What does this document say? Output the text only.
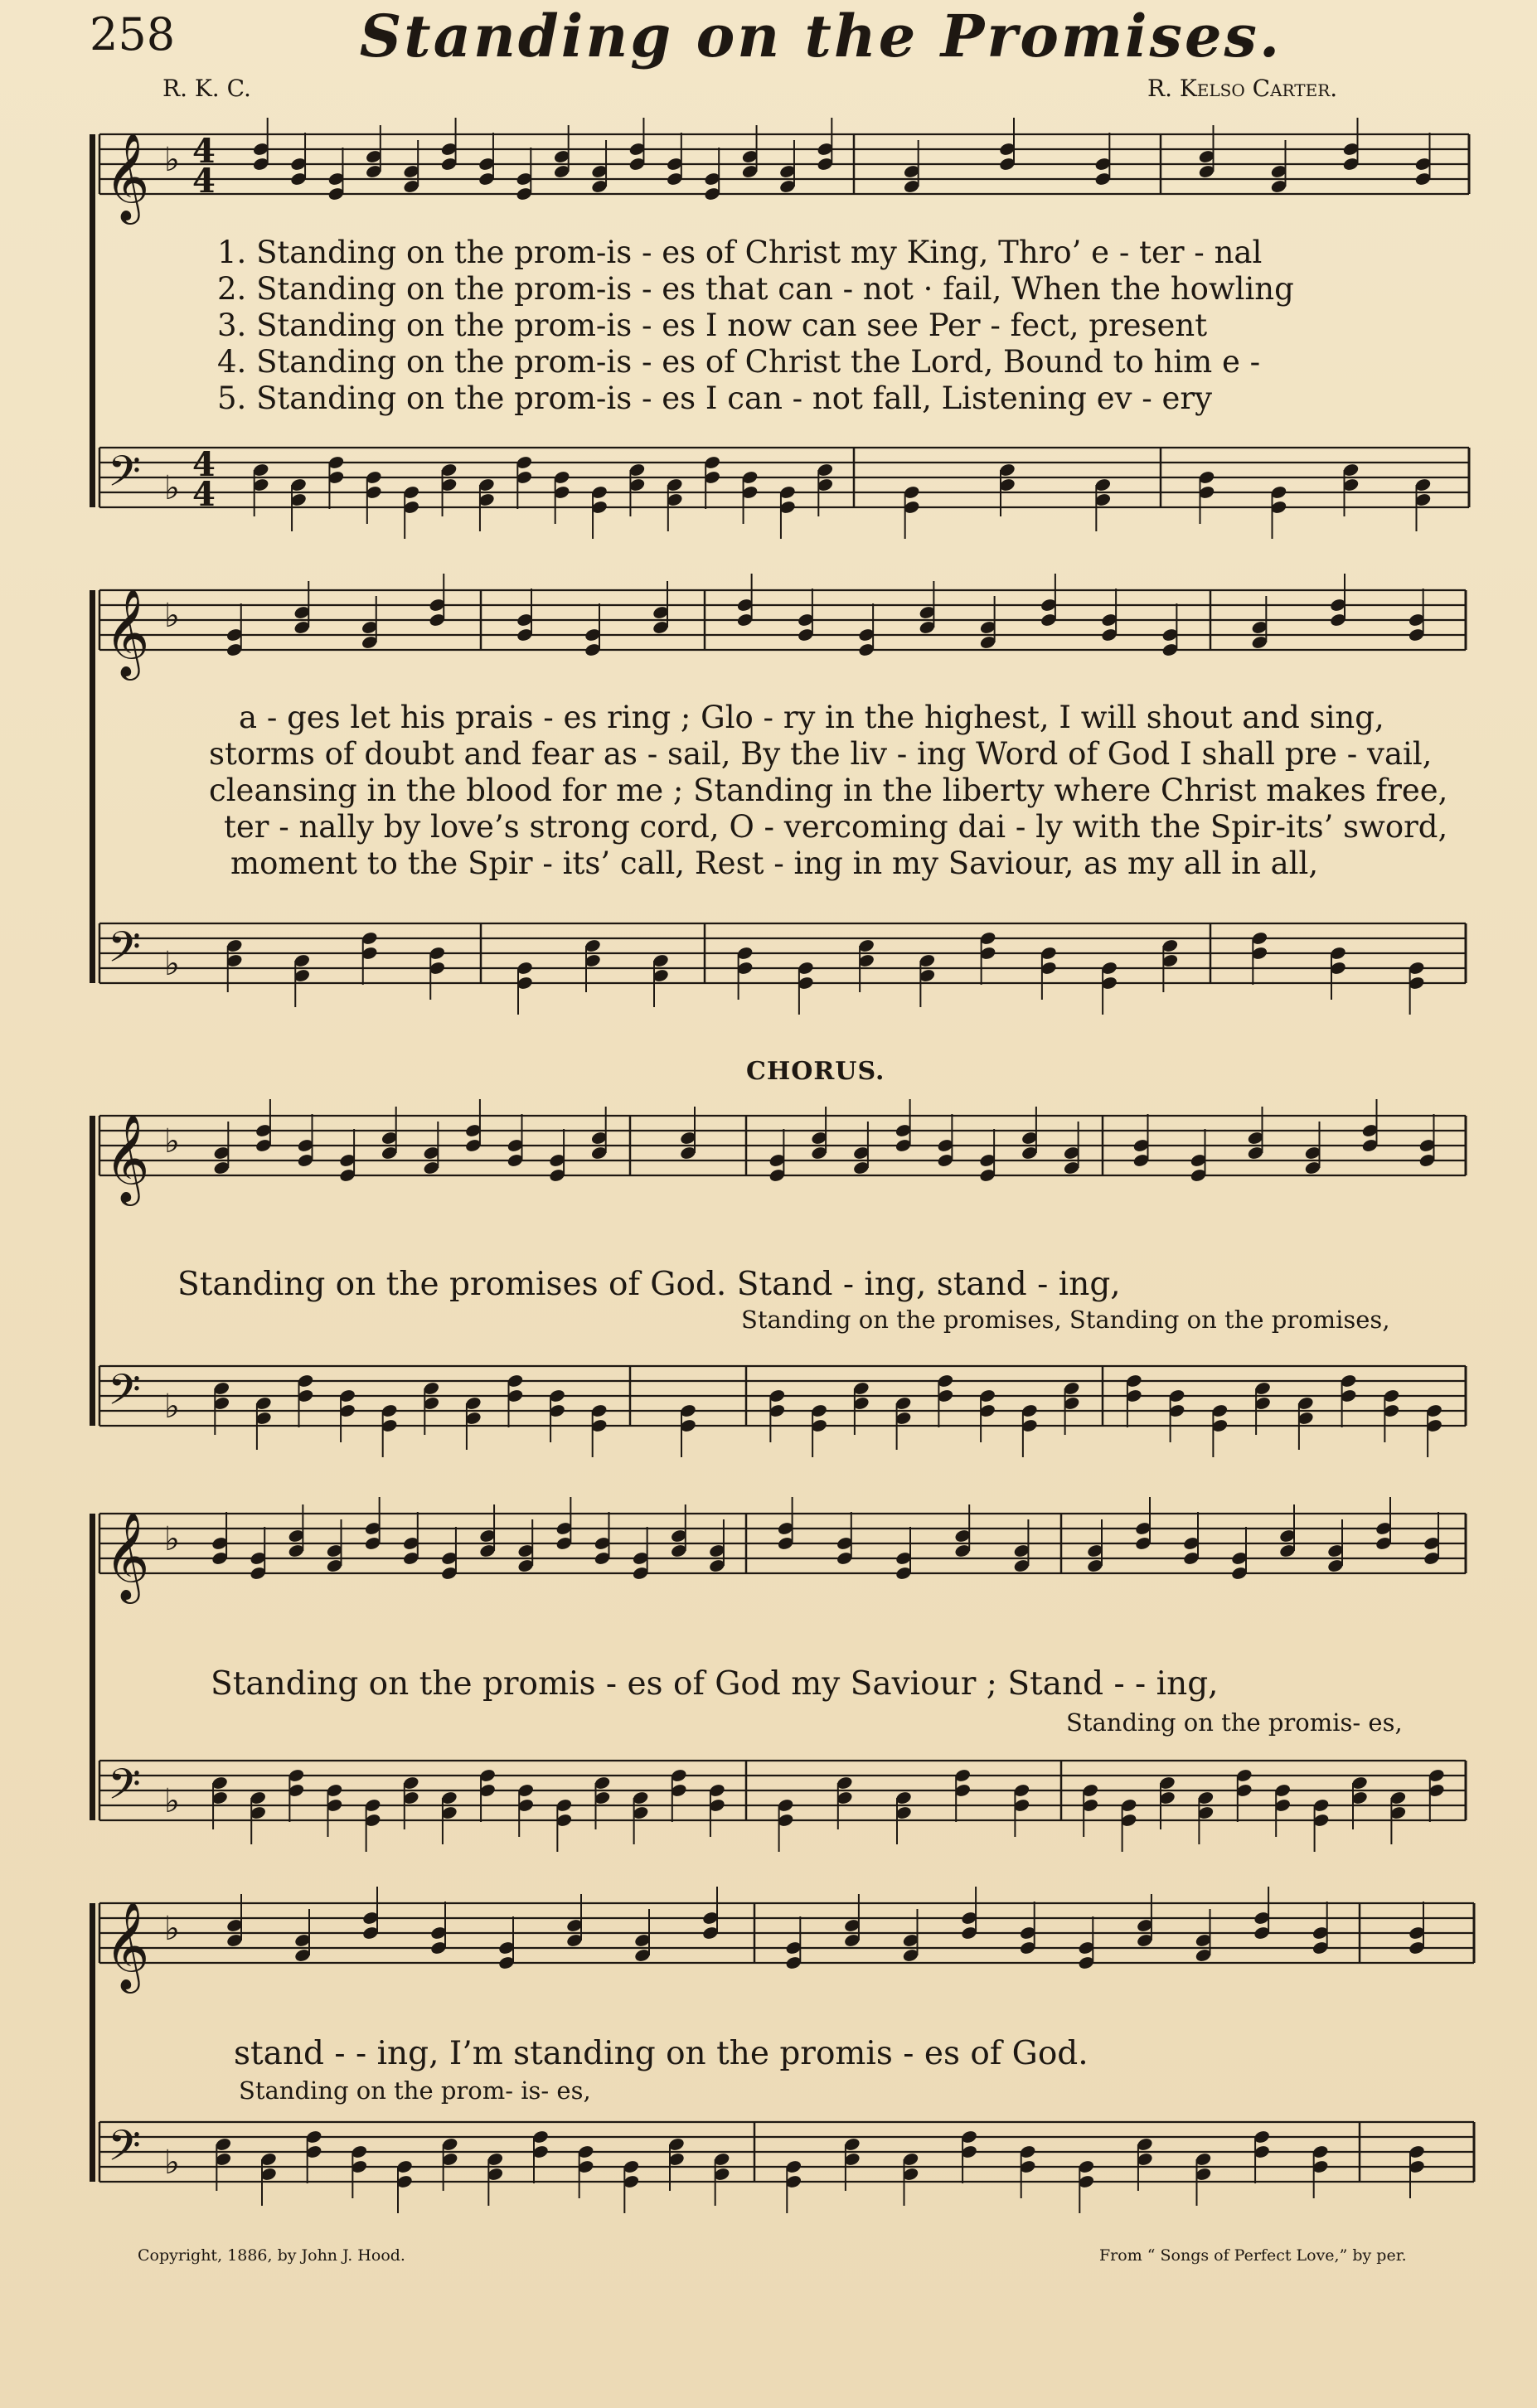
258	Standing on the Promises.
R. K. C.	R. Kelso Carter.
𝄞
𝄢
♭
♭
4
4
4
4
𝄞
𝄢
♭
♭
𝄞
𝄢
♭
♭
𝄞
𝄢
♭
♭
𝄞
𝄢
♭
♭
1. Standing on the prom-is - es of Christ my King, Thro’ e - ter - nal
2. Standing on the prom-is - es that can - not · fail, When the howling
3. Standing on the prom-is - es I now can see Per - fect, present
4. Standing on the prom-is - es of Christ the Lord, Bound to him e -
5. Standing on the prom-is - es I can - not fall, Listening ev - ery
a - ges let his prais - es ring ; Glo - ry in the highest, I will shout and sing,
storms of doubt and fear as - sail, By the liv - ing Word of God I shall pre - vail,
cleansing in the blood for me ; Standing in the liberty where Christ makes free,
ter - nally by love’s strong cord, O - vercoming dai - ly with the Spir-its’ sword,
moment to the Spir - its’ call, Rest - ing in my Saviour, as my all in all,
CHORUS.
Standing on the promises of God. Stand - ing, stand - ing,
Standing on the promises, Standing on the promises,
Standing on the promis - es of God my Saviour ; Stand - - ing,
Standing on the promis- es,
stand - - ing, I’m standing on the promis - es of God.
Standing on the prom- is- es,
Copyright, 1886, by John J. Hood.	From “ Songs of Perfect Love,” by per.
